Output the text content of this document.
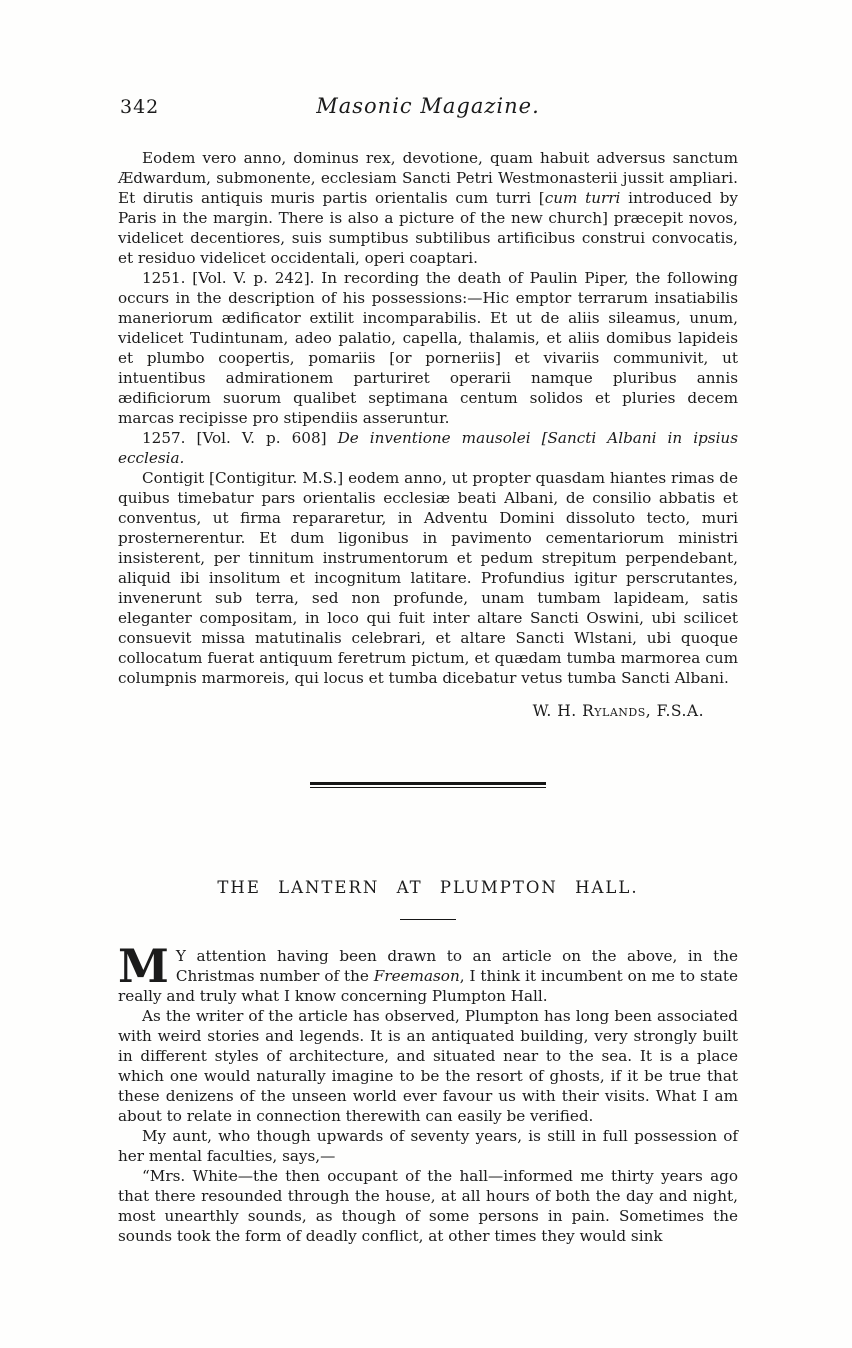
342	Masonic Magazine.

Eodem vero anno, dominus rex, devotione, quam habuit adversus sanctum Ædwardum, submonente, ecclesiam Sancti Petri Westmonasterii jussit ampliari. Et dirutis antiquis muris partis orientalis cum turri [cum turri introduced by Paris in the margin. There is also a picture of the new church] præcepit novos, videlicet decentiores, suis sumptibus subtilibus artificibus construi convocatis, et residuo videlicet occidentali, operi coaptari.

1251. [Vol. V. p. 242]. In recording the death of Paulin Piper, the following occurs in the description of his possessions:—Hic emptor terrarum insatiabilis maneriorum ædificator extilit incomparabilis. Et ut de aliis sileamus, unum, videlicet Tudintunam, adeo palatio, capella, thalamis, et aliis domibus lapideis et plumbo coopertis, pomariis [or porneriis] et vivariis communivit, ut intuentibus admirationem parturiret operarii namque pluribus annis ædificiorum suorum qualibet septimana centum solidos et pluries decem marcas recipisse pro stipendiis asseruntur.

1257. [Vol. V. p. 608] De inventione mausolei [Sancti Albani in ipsius ecclesia.

Contigit [Contigitur. M.S.] eodem anno, ut propter quasdam hiantes rimas de quibus timebatur pars orientalis ecclesiæ beati Albani, de consilio abbatis et conventus, ut firma repararetur, in Adventu Domini dissoluto tecto, muri prosternerentur. Et dum ligonibus in pavimento cementariorum ministri insisterent, per tinnitum instrumentorum et pedum strepitum perpendebant, aliquid ibi insolitum et incognitum latitare. Profundius igitur perscrutantes, invenerunt sub terra, sed non profunde, unam tumbam lapideam, satis eleganter compositam, in loco qui fuit inter altare Sancti Oswini, ubi scilicet consuevit missa matutinalis celebrari, et altare Sancti Wlstani, ubi quoque collocatum fuerat antiquum feretrum pictum, et quædam tumba marmorea cum columpnis marmoreis, qui locus et tumba dicebatur vetus tumba Sancti Albani.

W. H. Rylands, F.S.A.
THE LANTERN AT PLUMPTON HALL.

M Y attention having been drawn to an article on the above, in the Christmas number of the Freemason, I think it incumbent on me to state really and truly what I know concerning Plumpton Hall.

As the writer of the article has observed, Plumpton has long been associated with weird stories and legends. It is an antiquated building, very strongly built in different styles of architecture, and situated near to the sea. It is a place which one would naturally imagine to be the resort of ghosts, if it be true that these denizens of the unseen world ever favour us with their visits. What I am about to relate in connection therewith can easily be verified.

My aunt, who though upwards of seventy years, is still in full possession of her mental faculties, says,—

“Mrs. White—the then occupant of the hall—informed me thirty years ago that there resounded through the house, at all hours of both the day and night, most unearthly sounds, as though of some persons in pain. Sometimes the sounds took the form of deadly conflict, at other times they would sink
